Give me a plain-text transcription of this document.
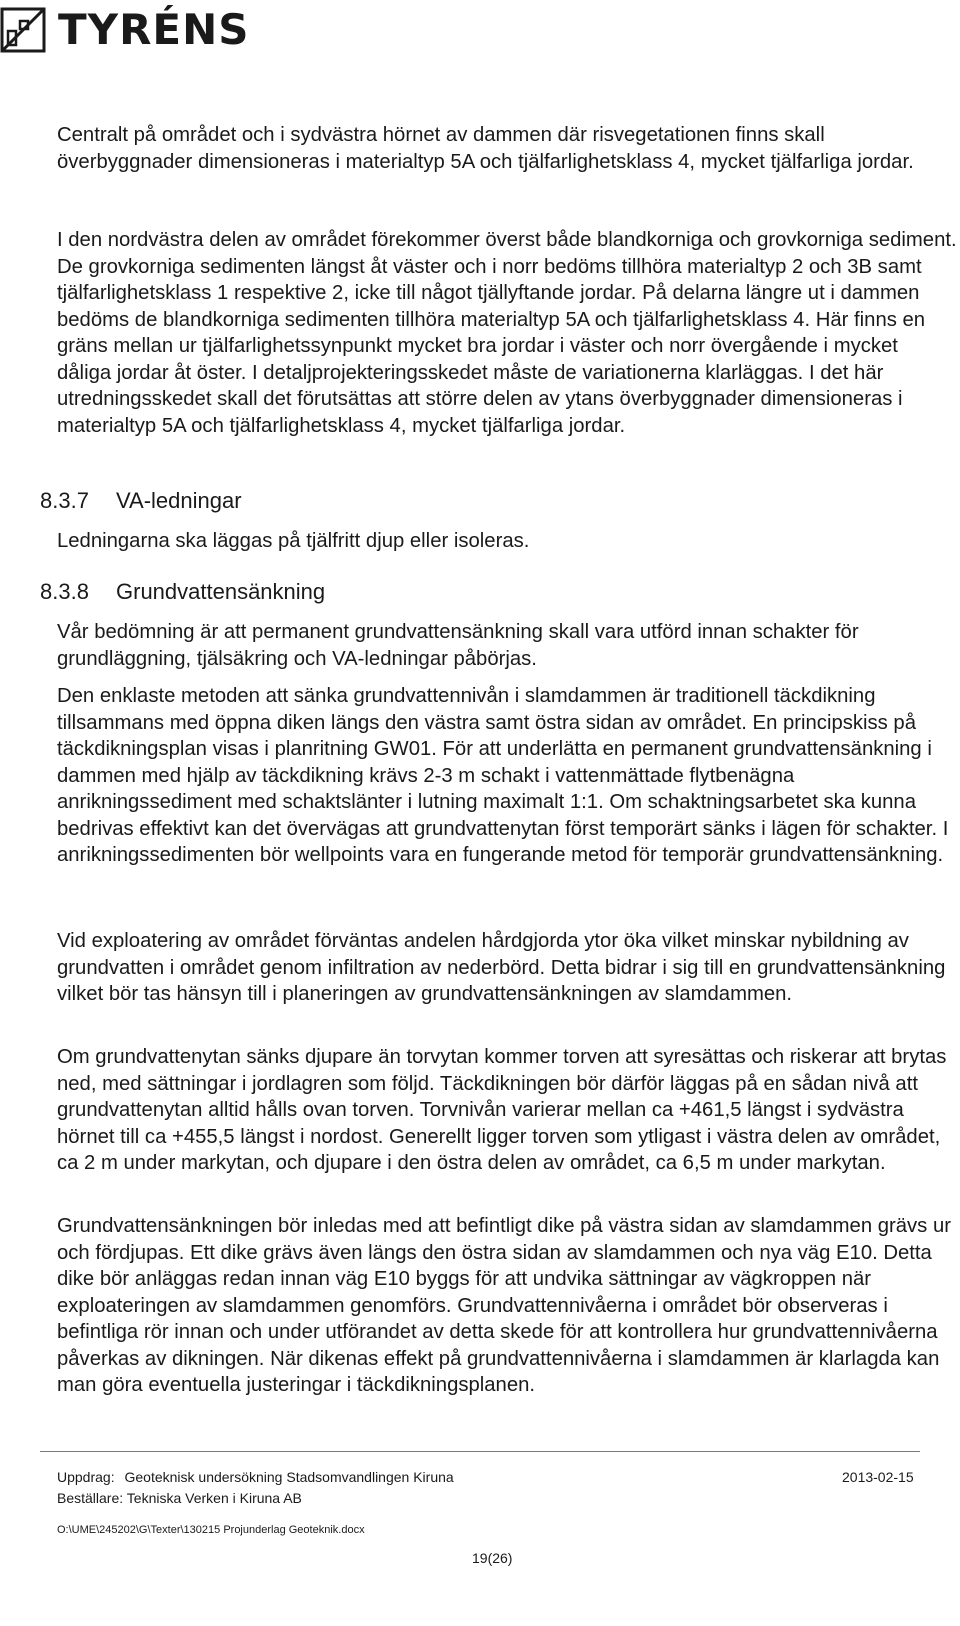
TYRÉNS

Centralt på området och i sydvästra hörnet av dammen där risvegetationen finns skall överbyggnader dimensioneras i materialtyp 5A och tjälfarlighetsklass 4, mycket tjälfarliga jordar.

I den nordvästra delen av området förekommer överst både blandkorniga och grovkorniga sediment. De grovkorniga sedimenten längst åt väster och i norr bedöms tillhöra materialtyp 2 och 3B samt tjälfarlighetsklass 1 respektive 2, icke till något tjällyftande jordar. På delarna längre ut i dammen bedöms de blandkorniga sedimenten tillhöra materialtyp 5A och tjälfarlighetsklass 4. Här finns en gräns mellan ur tjälfarlighetssynpunkt mycket bra jordar i väster och norr övergående i mycket dåliga jordar åt öster. I detaljprojekteringsskedet måste de variationerna klarläggas. I det här utredningsskedet skall det förutsättas att större delen av ytans överbyggnader dimensioneras i materialtyp 5A och tjälfarlighetsklass 4, mycket tjälfarliga jordar.

8.3.7 VA-ledningar

Ledningarna ska läggas på tjälfritt djup eller isoleras.

8.3.8 Grundvattensänkning

Vår bedömning är att permanent grundvattensänkning skall vara utförd innan schakter för grundläggning, tjälsäkring och VA-ledningar påbörjas.

Den enklaste metoden att sänka grundvattennivån i slamdammen är traditionell täckdikning tillsammans med öppna diken längs den västra samt östra sidan av området. En principskiss på täckdikningsplan visas i planritning GW01. För att underlätta en permanent grundvattensänkning i dammen med hjälp av täckdikning krävs 2-3 m schakt i vattenmättade flytbenägna anrikningssediment med schaktslänter i lutning maximalt 1:1. Om schaktningsarbetet ska kunna bedrivas effektivt kan det övervägas att grundvattenytan först temporärt sänks i lägen för schakter. I anrikningssedimenten bör wellpoints vara en fungerande metod för temporär grundvattensänkning.

Vid exploatering av området förväntas andelen hårdgjorda ytor öka vilket minskar nybildning av grundvatten i området genom infiltration av nederbörd. Detta bidrar i sig till en grundvattensänkning vilket bör tas hänsyn till i planeringen av grundvattensänkningen av slamdammen.

Om grundvattenytan sänks djupare än torvytan kommer torven att syresättas och riskerar att brytas ned, med sättningar i jordlagren som följd. Täckdikningen bör därför läggas på en sådan nivå att grundvattenytan alltid hålls ovan torven. Torvnivån varierar mellan ca +461,5 längst i sydvästra hörnet till ca +455,5 längst i nordost. Generellt ligger torven som ytligast i västra delen av området, ca 2 m under markytan, och djupare i den östra delen av området, ca 6,5 m under markytan.

Grundvattensänkningen bör inledas med att befintligt dike på västra sidan av slamdammen grävs ur och fördjupas. Ett dike grävs även längs den östra sidan av slamdammen och nya väg E10. Detta dike bör anläggas redan innan väg E10 byggs för att undvika sättningar av vägkroppen när exploateringen av slamdammen genomförs. Grundvattennivåerna i området bör observeras i befintliga rör innan och under utförandet av detta skede för att kontrollera hur grundvattennivåerna påverkas av dikningen. När dikenas effekt på grundvattennivåerna i slamdammen är klarlagda kan man göra eventuella justeringar i täckdikningsplanen.

Uppdrag: Geoteknisk undersökning Stadsomvandlingen Kiruna	2013-02-15
Beställare: Tekniska Verken i Kiruna AB
O:\UME\245202\G\Texter\130215 Projunderlag Geoteknik.docx
19(26)
